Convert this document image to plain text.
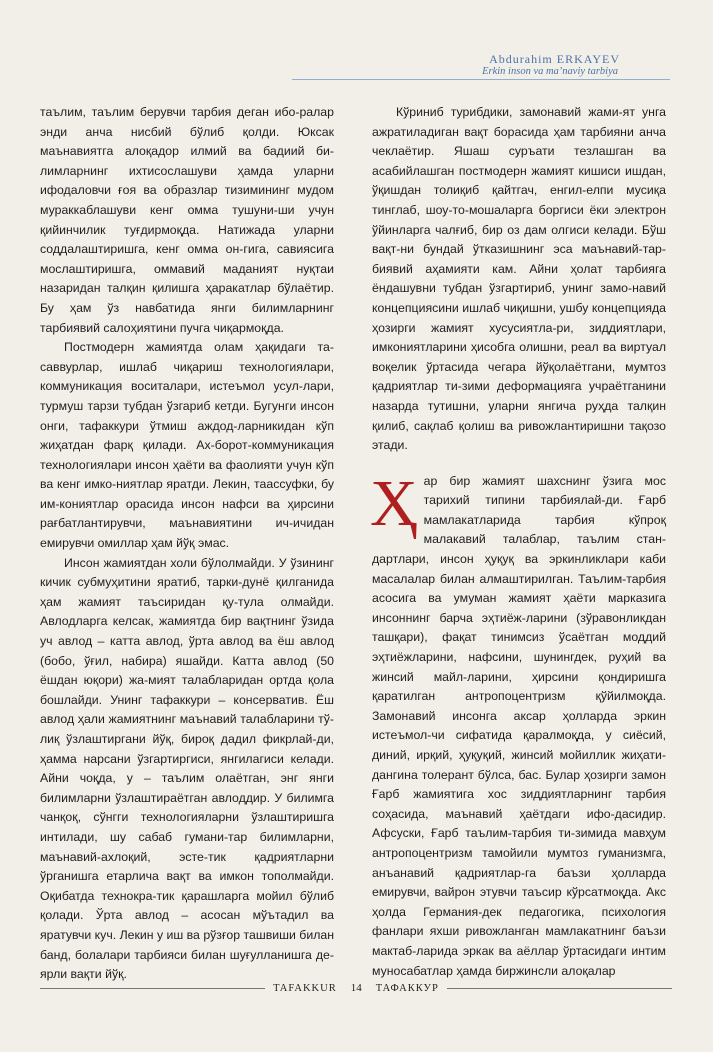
Abdurahim ERKAYEV
Erkin inson va ma’naviy tarbiya

таълим, таълим берувчи тарбия деган ибо-ралар энди анча нисбий бўлиб қолди. Юксак маънавиятга алоқадор илмий ва бадиий би-лимларнинг ихтисослашуви ҳамда уларни ифодаловчи ғоя ва образлар тизимининг мудом мураккаблашуви кенг омма тушуни-ши учун қийинчилик туғдирмоқда. Натижада уларни соддалаштиришга, кенг омма он-гига, савиясига мослаштиришга, оммавий маданият нуқтаи назаридан талқин қилишга ҳаракатлар бўлаётир. Бу ҳам ўз навбатида янги билимларнинг тарбиявий салоҳиятини пучга чиқармоқда.

Постмодерн жамиятда олам ҳақидаги та-саввурлар, ишлаб чиқариш технологиялари, коммуникация воситалари, истеъмол усул-лари, турмуш тарзи тубдан ўзгариб кетди. Бугунги инсон онги, тафаккури ўтмиш аждод-ларникидан кўп жиҳатдан фарқ қилади. Ах-борот-коммуникация технологиялари инсон ҳаёти ва фаолияти учун кўп ва кенг имко-ниятлар яратди. Лекин, таассуфки, бу им-кониятлар орасида инсон нафси ва ҳирсини рағбатлантирувчи, маънавиятини ич-ичидан емирувчи омиллар ҳам йўқ эмас.

Инсон жамиятдан холи бўлолмайди. У ўзининг кичик субмуҳитини яратиб, тарки-дунё қилганида ҳам жамият таъсиридан қу-тула олмайди. Авлодларга келсак, жамиятда бир вақтнинг ўзида уч авлод – катта авлод, ўрта авлод ва ёш авлод (бобо, ўғил, набира) яшайди. Катта авлод (50 ёшдан юқори) жа-мият талабларидан ортда қола бошлайди. Унинг тафаккури – консерватив. Ёш авлод ҳали жамиятнинг маънавий талабларини тў-лиқ ўзлаштиргани йўқ, бироқ дадил фикрлай-ди, ҳамма нарсани ўзгартиргиси, янгилагиси келади. Айни чоқда, у – таълим олаётган, энг янги билимларни ўзлаштираётган авлоддир. У билимга чанқоқ, сўнгги технологияларни ўзлаштиришга интилади, шу сабаб гумани-тар билимларни, маънавий-ахлоқий, эсте-тик қадриятларни ўрганишга етарлича вақт ва имкон тополмайди. Оқибатда технокра-тик қарашларга мойил бўлиб қолади. Ўрта авлод – асосан мўътадил ва яратувчи куч. Лекин у иш ва рўзғор ташвиши билан банд, болалари тарбияси билан шуғулланишга де-ярли вақти йўқ.

Кўриниб турибдики, замонавий жами-ят унга ажратиладиган вақт борасида ҳам тарбияни анча чеклаётир. Яшаш суръати тезлашган ва асабийлашган постмодерн жамият кишиси ишдан, ўқишдан толиқиб қайтгач, енгил-елпи мусиқа тинглаб, шоу-то-мошаларга боргиси ёки электрон ўйинларга чалғиб, бир оз дам олгиси келади. Бўш вақт-ни бундай ўтказишнинг эса маънавий-тар-биявий аҳамияти кам. Айни ҳолат тарбияга ёндашувни тубдан ўзгартириб, унинг замо-навий концепциясини ишлаб чиқишни, ушбу концепцияда ҳозирги жамият хусусиятла-ри, зиддиятлари, имкониятларини ҳисобга олишни, реал ва виртуал воқелик ўртасида чегара йўқолаётгани, мумтоз қадриятлар ти-зими деформацияга учраётганини назарда тутишни, уларни янгича руҳда талқин қилиб, сақлаб қолиш ва ривожлантиришни тақозо этади.

Ҳар бир жамият шахснинг ўзига мос тарихий типини тарбиялай-ди. Ғарб мамлакатларида тарбия кўпроқ малакавий талаблар, таълим стан-дартлари, инсон ҳуқуқ ва эркинликлари каби масалалар билан алмаштирилган. Таълим-тарбия асосига ва умуман жамият ҳаёти марказига инсоннинг барча эҳтиёж-ларини (зўравонликдан ташқари), фақат тинимсиз ўсаётган моддий эҳтиёжларини, нафсини, шунингдек, руҳий ва жинсий майл-ларини, ҳирсини қондиришга қаратилган антропоцентризм қўйилмоқда. Замонавий инсонга аксар ҳолларда эркин истеъмол-чи сифатида қаралмоқда, у сиёсий, диний, ирқий, ҳуқуқий, жинсий мойиллик жиҳати-дангина толерант бўлса, бас. Булар ҳозирги замон Ғарб жамиятига хос зиддиятларнинг тарбия соҳасида, маънавий ҳаётдаги ифо-дасидир. Афсуски, Ғарб таълим-тарбия ти-зимида мавҳум антропоцентризм тамойили мумтоз гуманизмга, анъанавий қадриятлар-га баъзи ҳолларда емирувчи, вайрон этувчи таъсир кўрсатмоқда. Акс ҳолда Германия-дек педагогика, психология фанлари яхши ривожланган мамлакатнинг баъзи мактаб-ларида эркак ва аёллар ўртасидаги интим муносабатлар ҳамда биржинсли алоқалар

TAFAKKUR	14	ТАФАККУР
